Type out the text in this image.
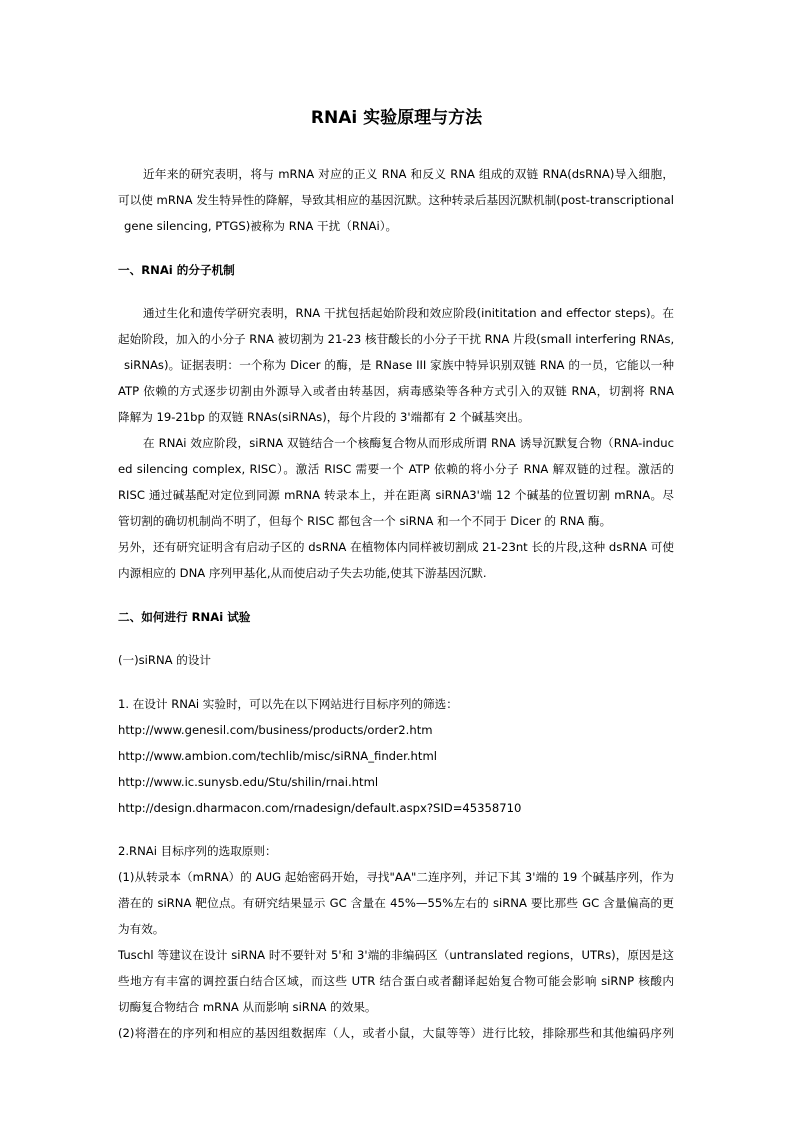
RNAi 实验原理与方法
近年来的研究表明，将与 mRNA 对应的正义 RNA 和反义 RNA 组成的双链 RNA(dsRNA)导入细胞，
可以使 mRNA 发生特异性的降解，导致其相应的基因沉默。这种转录后基因沉默机制(post-transcriptional
gene silencing, PTGS)被称为 RNA 干扰（RNAi）。
一、RNAi 的分子机制
通过生化和遗传学研究表明，RNA 干扰包括起始阶段和效应阶段(inititation and effector steps)。在
起始阶段，加入的小分子 RNA 被切割为 21-23 核苷酸长的小分子干扰 RNA 片段(small interfering RNAs,
siRNAs)。证据表明：一个称为 Dicer 的酶，是 RNase III 家族中特异识别双链 RNA 的一员，它能以一种
ATP 依赖的方式逐步切割由外源导入或者由转基因，病毒感染等各种方式引入的双链 RNA，切割将 RNA
降解为 19-21bp 的双链 RNAs(siRNAs)，每个片段的 3'端都有 2 个碱基突出。
在 RNAi 效应阶段，siRNA 双链结合一个核酶复合物从而形成所谓 RNA 诱导沉默复合物（RNA-induc
ed silencing complex, RISC）。激活 RISC 需要一个 ATP 依赖的将小分子 RNA 解双链的过程。激活的
RISC 通过碱基配对定位到同源 mRNA 转录本上，并在距离 siRNA3'端 12 个碱基的位置切割 mRNA。尽
管切割的确切机制尚不明了，但每个 RISC 都包含一个 siRNA 和一个不同于 Dicer 的 RNA 酶。
另外，还有研究证明含有启动子区的 dsRNA 在植物体内同样被切割成 21-23nt 长的片段,这种 dsRNA 可使
内源相应的 DNA 序列甲基化,从而使启动子失去功能,使其下游基因沉默.
二、如何进行 RNAi 试验
(一)siRNA 的设计
1. 在设计 RNAi 实验时，可以先在以下网站进行目标序列的筛选：
http://www.genesil.com/business/products/order2.htm
http://www.ambion.com/techlib/misc/siRNA_finder.html
http://www.ic.sunysb.edu/Stu/shilin/rnai.html
http://design.dharmacon.com/rnadesign/default.aspx?SID=45358710
2.RNAi 目标序列的选取原则：
(1)从转录本（mRNA）的 AUG 起始密码开始，寻找"AA"二连序列，并记下其 3'端的 19 个碱基序列，作为
潜在的 siRNA 靶位点。有研究结果显示 GC 含量在 45%—55%左右的 siRNA 要比那些 GC 含量偏高的更
为有效。
Tuschl 等建议在设计 siRNA 时不要针对 5'和 3'端的非编码区（untranslated regions，UTRs)，原因是这
些地方有丰富的调控蛋白结合区域，而这些 UTR 结合蛋白或者翻译起始复合物可能会影响 siRNP 核酸内
切酶复合物结合 mRNA 从而影响 siRNA 的效果。
(2)将潜在的序列和相应的基因组数据库（人，或者小鼠，大鼠等等）进行比较，排除那些和其他编码序列
